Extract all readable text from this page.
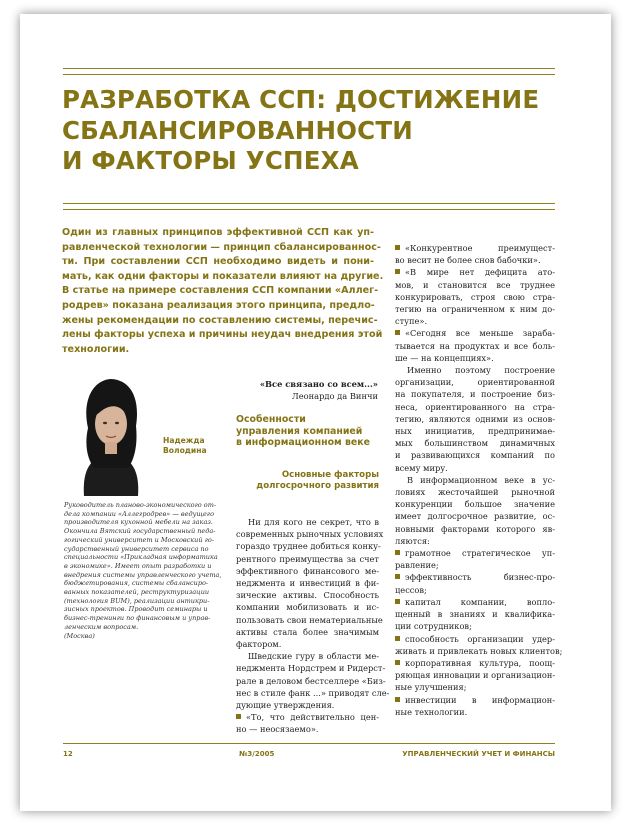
РАЗРАБОТКА ССП: ДОСТИЖЕНИЕ
СБАЛАНСИРОВАННОСТИ
И ФАКТОРЫ УСПЕХА
Один из главных принципов эффективной ССП как уп-
равленческой технологии — принцип сбалансированнос-
ти. При составлении ССП необходимо видеть и пони-
мать, как одни факторы и показатели влияют на другие.
В статье на примере составления ССП компании «Аллег-
родрев» показана реализация этого принципа, предло-
жены рекомендации по составлению системы, перечис-
лены факторы успеха и причины неудач внедрения этой
технологии.
Надежда
Володина
Руководитель планово-экономического от-
дела компании «Аллегродрев» — ведущего
производителя кухонной мебели на заказ.
Окончила Вятский государственный педа-
гогический университет и Московский го-
сударственный университет сервиса по
специальности «Прикладная информатика
в экономике». Имеет опыт разработки и
внедрения системы управленческого учета,
бюджетирования, системы сбалансиро-
ванных показателей, реструктуризации
(технология BUM), реализации антикри-
зисных проектов. Проводит семинары и
бизнес-тренинги по финансовым и управ-
ленческим вопросам.
(Москва)
«Все связано со всем...»
Леонардо да Винчи
Особенности
управления компанией
в информационном веке
Основные факторы
долгосрочного развития
Ни для кого не секрет, что в
современных рыночных условиях
гораздо труднее добиться конку-
рентного преимущества за счет
эффективного финансового ме-
неджмента и инвестиций в фи-
зические активы. Способность
компании мобилизовать и ис-
пользовать свои нематериальные
активы стала более значимым
фактором.
Шведские гуру в области ме-
неджмента Нордстрем и Ридерст-
рале в деловом бестселлере «Биз-
нес в стиле фанк ...» приводят сле-
дующие утверждения.
«То, что действительно цен-
но — неосязаемо».
«Конкурентное преимущест-
во весит не более снов бабочки».
«В мире нет дефицита ато-
мов, и становится все труднее
конкурировать, строя свою стра-
тегию на ограниченном к ним до-
ступе».
«Сегодня все меньше зараба-
тывается на продуктах и все боль-
ше — на концепциях».
Именно поэтому построение
организации, ориентированной
на покупателя, и построение биз-
неса, ориентированного на стра-
тегию, являются одними из основ-
ных инициатив, предпринимае-
мых большинством динамичных
и развивающихся компаний по
всему миру.
В информационном веке в ус-
ловиях жесточайшей рыночной
конкуренции большое значение
имеет долгосрочное развитие, ос-
новными факторами которого яв-
ляются:
грамотное стратегическое уп-
равление;
эффективность бизнес-про-
цессов;
капитал компании, вопло-
щенный в знаниях и квалифика-
ции сотрудников;
способность организации удер-
живать и привлекать новых клиентов;
корпоративная культура, поощ-
ряющая инновации и организацион-
ные улучшения;
инвестиции в информацион-
ные технологии.
12	№3/2005	УПРАВЛЕНЧЕСКИЙ УЧЕТ И ФИНАНСЫ
